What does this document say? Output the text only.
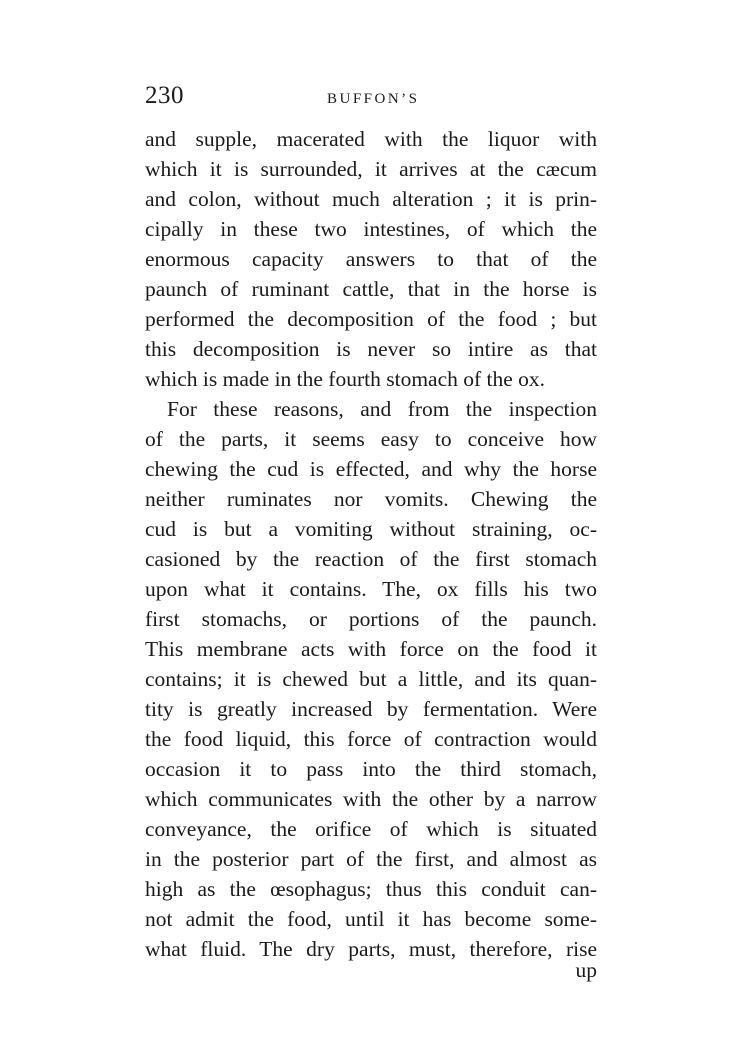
230	BUFFON’S
and supple, macerated with the liquor with
which it is surrounded, it arrives at the cæcum
and colon, without much alteration ; it is prin-
cipally in these two intestines, of which the
enormous capacity answers to that of the
paunch of ruminant cattle, that in the horse is
performed the decomposition of the food ; but
this decomposition is never so intire as that
which is made in the fourth stomach of the ox.
For these reasons, and from the inspection
of the parts, it seems easy to conceive how
chewing the cud is effected, and why the horse
neither ruminates nor vomits. Chewing the
cud is but a vomiting without straining, oc-
casioned by the reaction of the first stomach
upon what it contains. The, ox fills his two
first stomachs, or portions of the paunch.
This membrane acts with force on the food it
contains; it is chewed but a little, and its quan-
tity is greatly increased by fermentation. Were
the food liquid, this force of contraction would
occasion it to pass into the third stomach,
which communicates with the other by a narrow
conveyance, the orifice of which is situated
in the posterior part of the first, and almost as
high as the œsophagus; thus this conduit can-
not admit the food, until it has become some-
what fluid. The dry parts, must, therefore, rise
up
